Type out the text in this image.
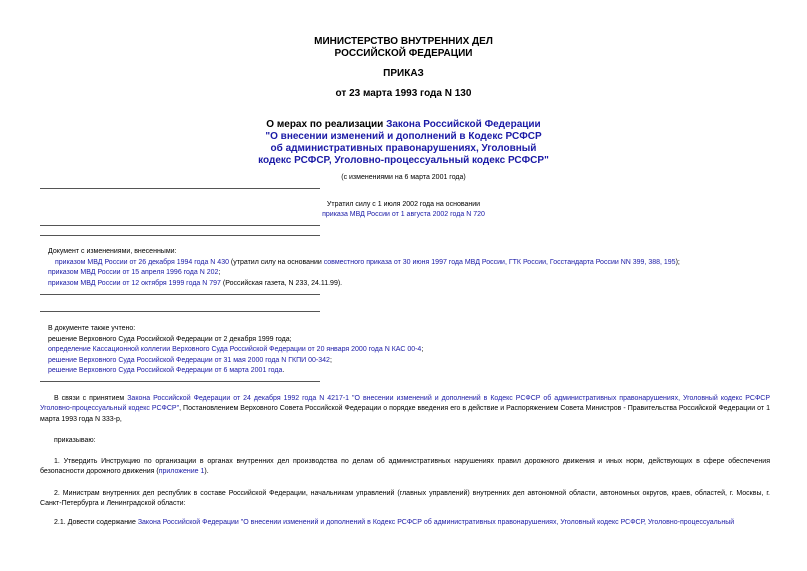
МИНИСТЕРСТВО ВНУТРЕННИХ ДЕЛ
РОССИЙСКОЙ ФЕДЕРАЦИИ
ПРИКАЗ
от 23 марта 1993 года N 130
О мерах по реализации Закона Российской Федерации
"О внесении изменений и дополнений в Кодекс РСФСР
об административных правонарушениях, Уголовный
кодекс РСФСР, Уголовно-процессуальный кодекс РСФСР"
(с изменениями на 6 марта 2001 года)
Утратил силу с 1 июля 2002 года на основании
приказа МВД России от 1 августа 2002 года N 720
Документ с изменениями, внесенными:
приказом МВД России от 26 декабря 1994 года N 430 (утратил силу на основании совместного приказа от 30 июня 1997 года МВД России, ГТК России, Госстандарта России NN 399, 388, 195);
приказом МВД России от 15 апреля 1996 года N 202;
приказом МВД России от 12 октября 1999 года N 797 (Российская газета, N 233, 24.11.99).
В документе также учтено:
решение Верховного Суда Российской Федерации от 2 декабря 1999 года;
определение Кассационной коллегии Верховного Суда Российской Федерации от 20 января 2000 года N КАС 00-4;
решение Верховного Суда Российской Федерации от 31 мая 2000 года N ГКПИ 00-342;
решение Верховного Суда Российской Федерации от 6 марта 2001 года.
В связи с принятием Закона Российской Федерации от 24 декабря 1992 года N 4217-1 "О внесении изменений и дополнений в Кодекс РСФСР об административных правонарушениях, Уголовный кодекс РСФСР Уголовно-процессуальный кодекс РСФСР", Постановлением Верховного Совета Российской Федерации о порядке введения его в действие и Распоряжением Совета Министров - Правительства Российской Федерации от 1 марта 1993 года N 333-р,
приказываю:
1. Утвердить Инструкцию по организации в органах внутренних дел производства по делам об административных нарушениях правил дорожного движения и иных норм, действующих в сфере обеспечения безопасности дорожного движения (приложение 1).
2. Министрам внутренних дел республик в составе Российской Федерации, начальникам управлений (главных управлений) внутренних дел автономной области, автономных округов, краев, областей, г. Москвы, г. Санкт-Петербурга и Ленинградской области:
2.1. Довести содержание Закона Российской Федерации "О внесении изменений и дополнений в Кодекс РСФСР об административных правонарушениях, Уголовный кодекс РСФСР, Уголовно-процессуальный
